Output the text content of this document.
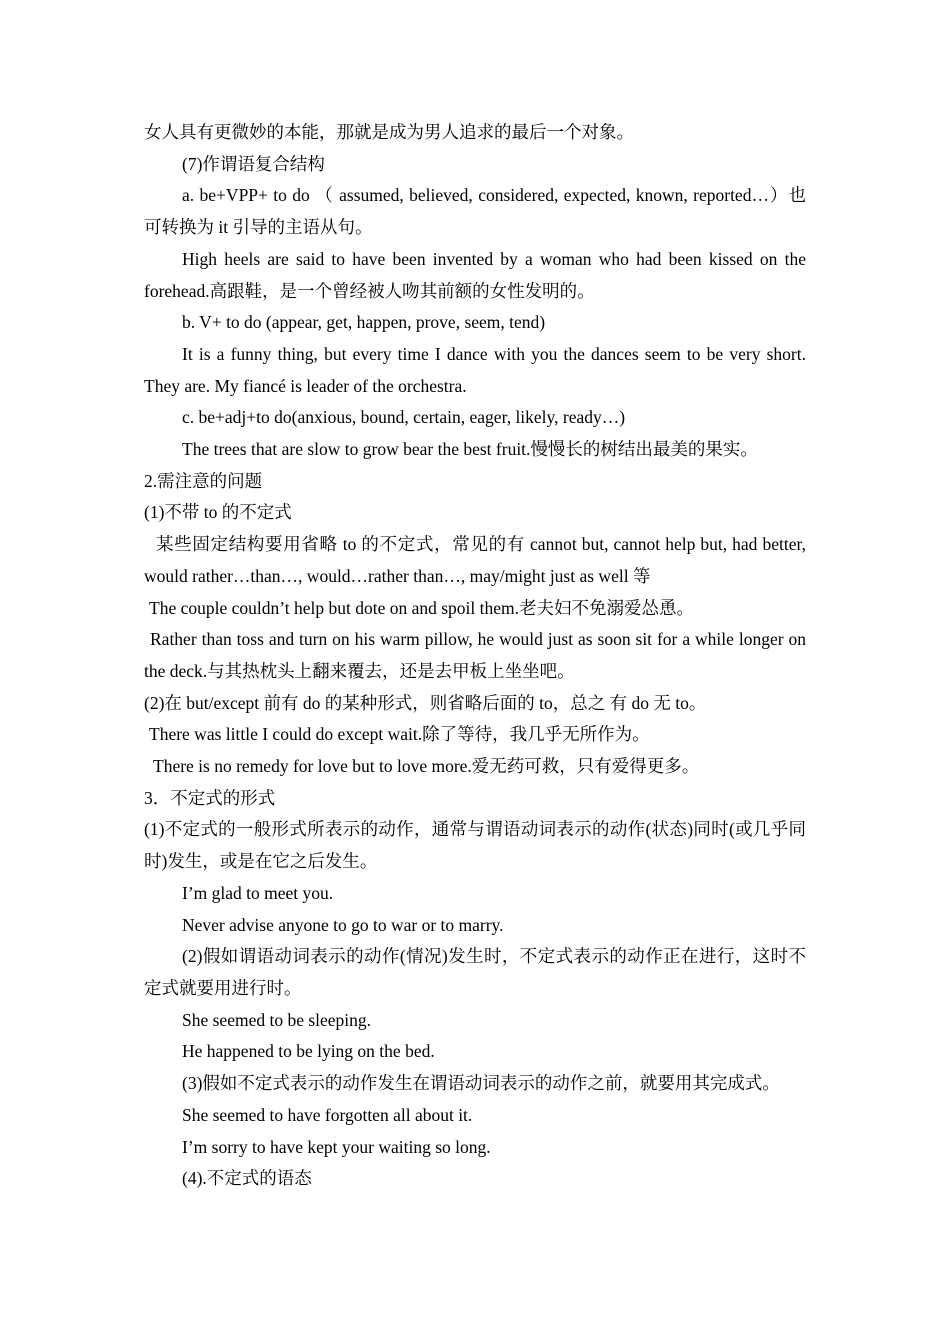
女人具有更微妙的本能，那就是成为男人追求的最后一个对象。

(7)作谓语复合结构

a. be+VPP+ to do （ assumed, believed, considered, expected, known, reported…）也可转换为 it 引导的主语从句。

High heels are said to have been invented by a woman who had been kissed on the forehead.高跟鞋，是一个曾经被人吻其前额的女性发明的。

b. V+ to do (appear, get, happen, prove, seem, tend)

It is a funny thing, but every time I dance with you the dances seem to be very short. They are. My fiancé is leader of the orchestra.

c. be+adj+to do(anxious, bound, certain, eager, likely, ready…)

The trees that are slow to grow bear the best fruit.慢慢长的树结出最美的果实。

2.需注意的问题

(1)不带 to 的不定式

某些固定结构要用省略 to 的不定式，常见的有 cannot but, cannot help but, had better, would rather…than…, would…rather than…, may/might just as well 等

The couple couldn’t help but dote on and spoil them.老夫妇不免溺爱怂恿。

Rather than toss and turn on his warm pillow, he would just as soon sit for a while longer on the deck.与其热枕头上翻来覆去，还是去甲板上坐坐吧。

(2)在 but/except 前有 do 的某种形式，则省略后面的 to，总之 有 do 无 to。

There was little I could do except wait.除了等待，我几乎无所作为。

There is no remedy for love but to love more.爱无药可救，只有爱得更多。

3．不定式的形式

(1)不定式的一般形式所表示的动作，通常与谓语动词表示的动作(状态)同时(或几乎同时)发生，或是在它之后发生。

I’m glad to meet you.

Never advise anyone to go to war or to marry.

(2)假如谓语动词表示的动作(情况)发生时，不定式表示的动作正在进行，这时不定式就要用进行时。

She seemed to be sleeping.

He happened to be lying on the bed.

(3)假如不定式表示的动作发生在谓语动词表示的动作之前，就要用其完成式。

She seemed to have forgotten all about it.

I’m sorry to have kept your waiting so long.

(4).不定式的语态
